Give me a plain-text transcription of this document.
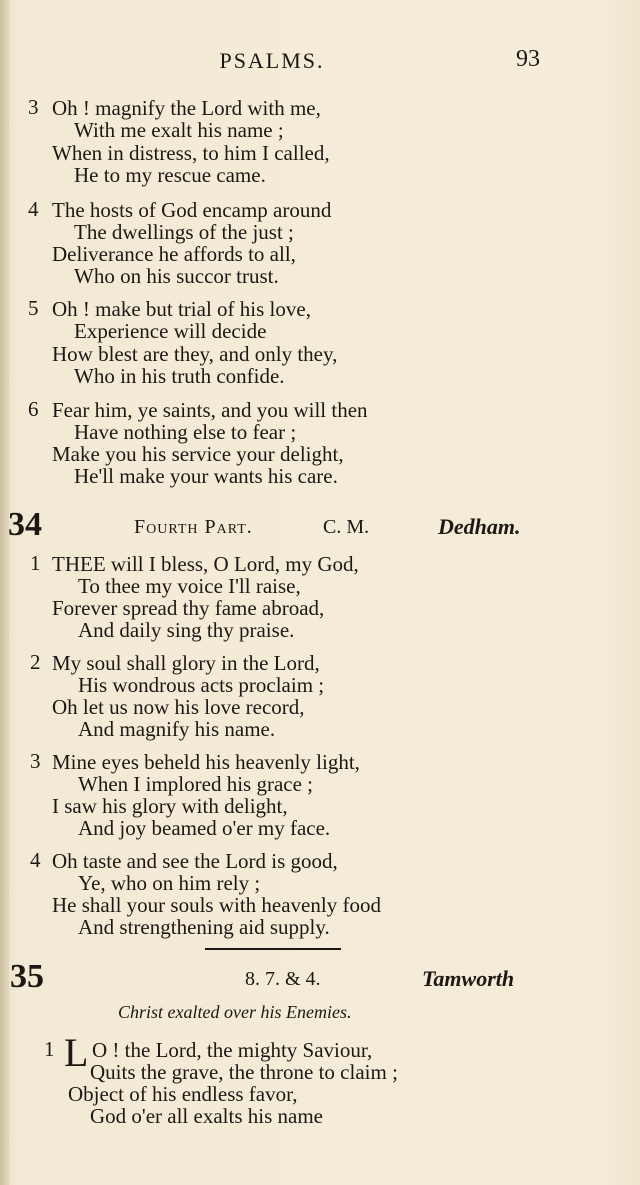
PSALMS.	93
3 Oh ! magnify the Lord with me,
With me exalt his name ;
When in distress, to him I called,
He to my rescue came.
4 The hosts of God encamp around
The dwellings of the just ;
Deliverance he affords to all,
Who on his succor trust.
5 Oh ! make but trial of his love,
Experience will decide
How blest are they, and only they,
Who in his truth confide.
6 Fear him, ye saints, and you will then
Have nothing else to fear ;
Make you his service your delight,
He'll make your wants his care.
34	Fourth Part.	C. M.	Dedham.
1 THEE will I bless, O Lord, my God,
To thee my voice I'll raise,
Forever spread thy fame abroad,
And daily sing thy praise.
2 My soul shall glory in the Lord,
His wondrous acts proclaim ;
Oh let us now his love record,
And magnify his name.
3 Mine eyes beheld his heavenly light,
When I implored his grace ;
I saw his glory with delight,
And joy beamed o'er my face.
4 Oh taste and see the Lord is good,
Ye, who on him rely ;
He shall your souls with heavenly food
And strengthening aid supply.
35	8. 7. & 4.	Tamworth
Christ exalted over his Enemies.
1 L O ! the Lord, the mighty Saviour,
Quits the grave, the throne to claim ;
Object of his endless favor,
God o'er all exalts his name
